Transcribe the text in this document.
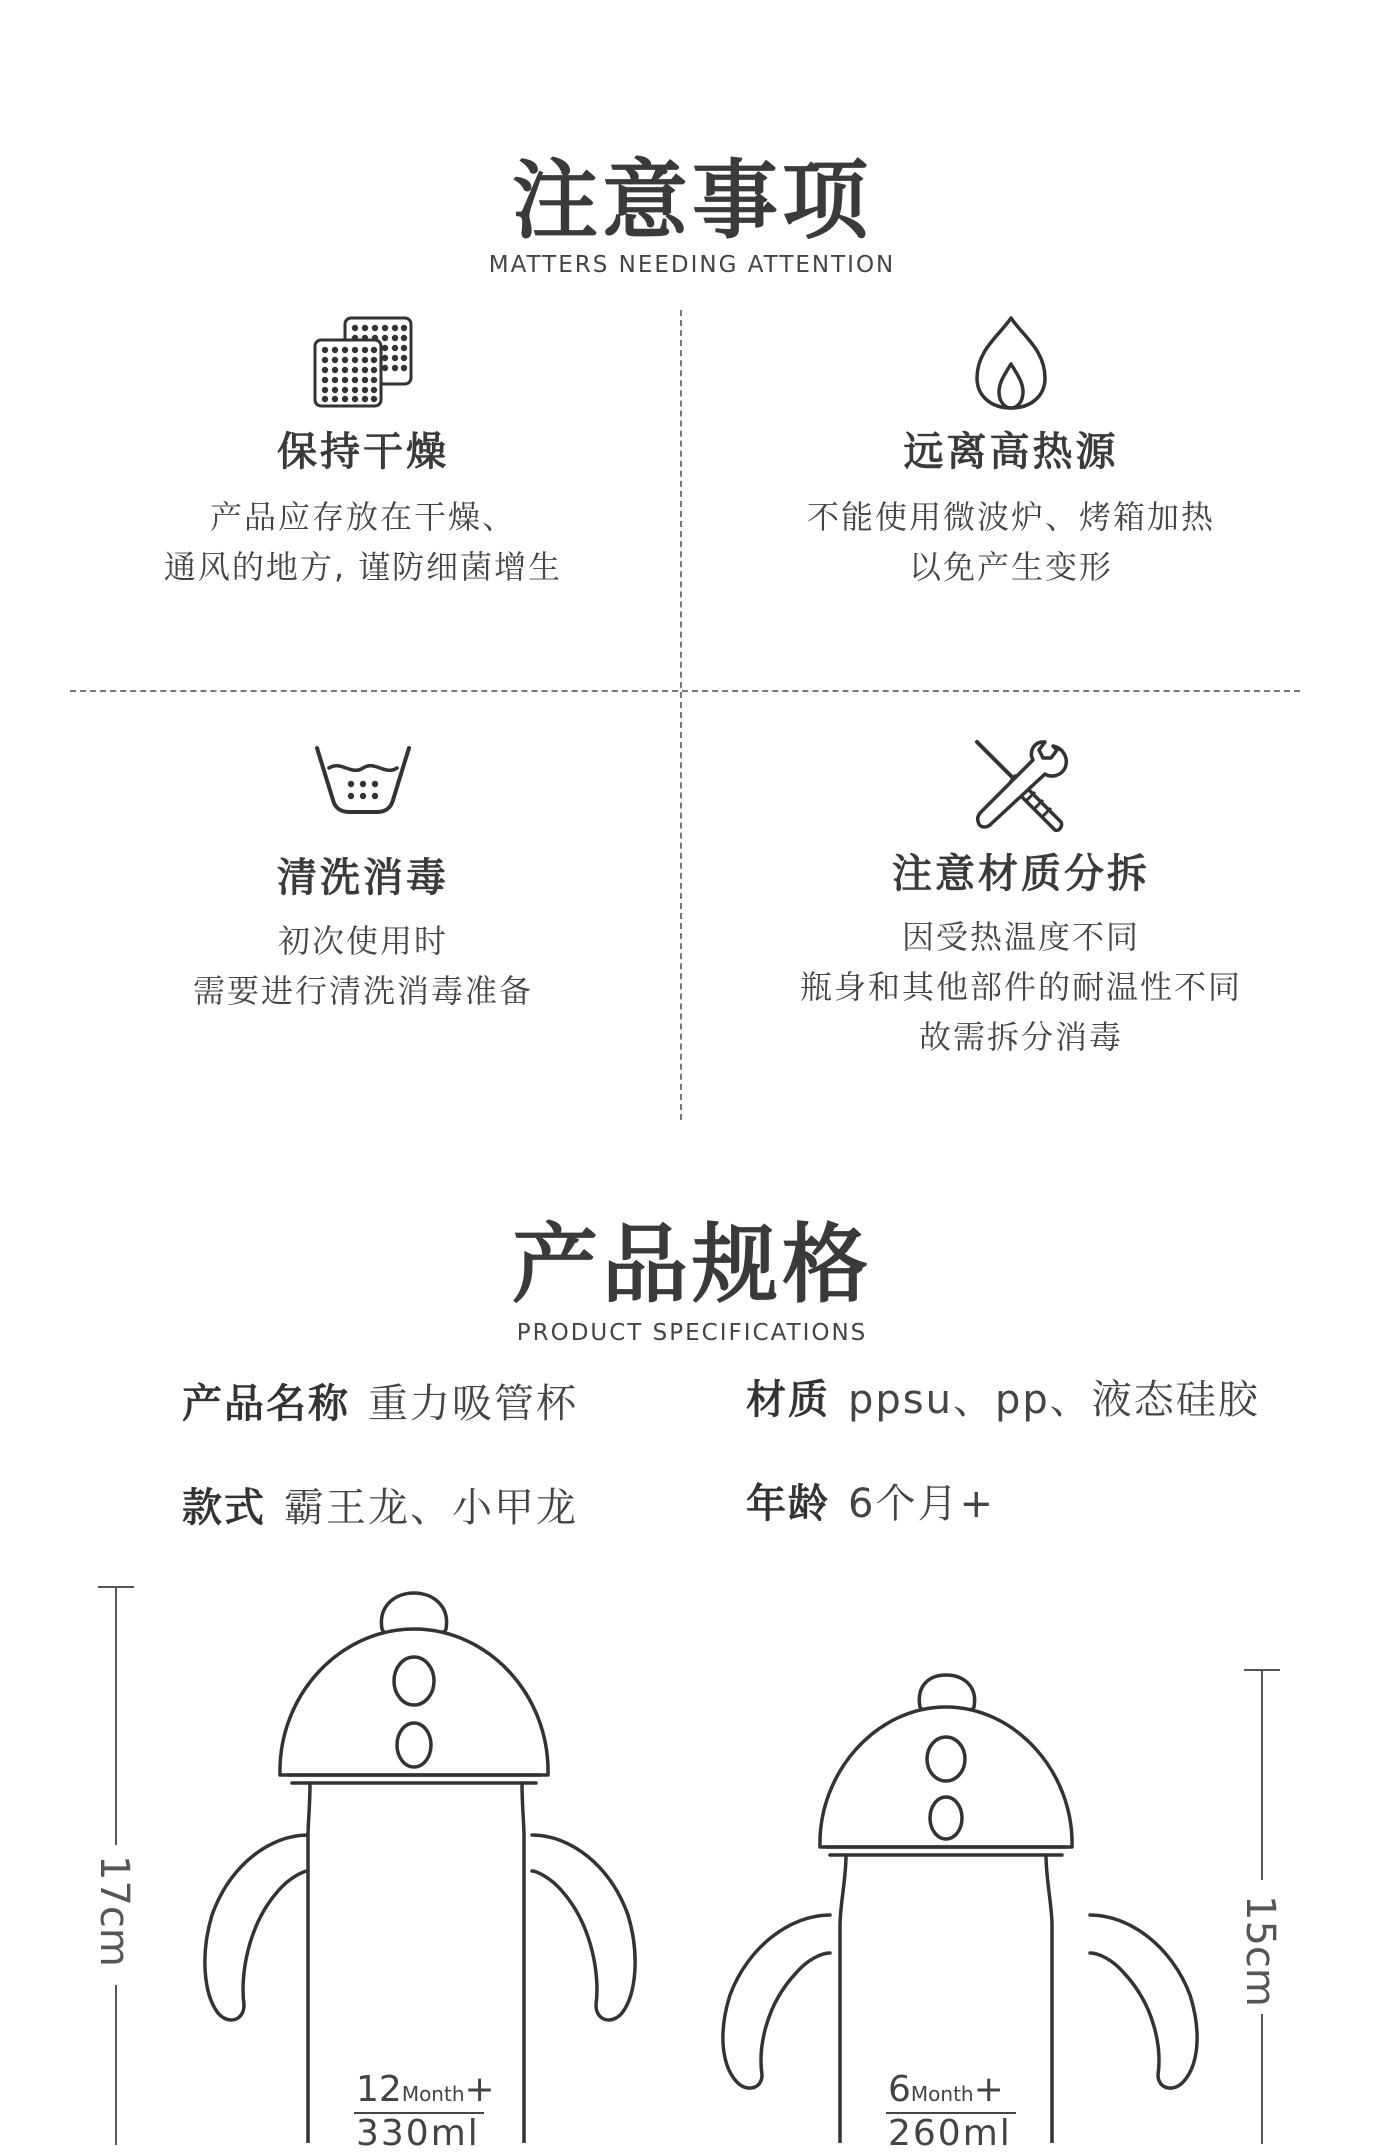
注意事项
MATTERS NEEDING ATTENTION

保持干燥

产品应存放在干燥、

通风的地方, 谨防细菌增生

远离高热源

不能使用微波炉、烤箱加热

以免产生变形

清洗消毒

初次使用时

需要进行清洗消毒准备

注意材质分拆

因受热温度不同

瓶身和其他部件的耐温性不同

故需拆分消毒

产品规格
PRODUCT SPECIFICATIONS
产品名称 重力吸管杯	材质 ppsu、pp、液态硅胶
款式 霸王龙、小甲龙	年龄 6个月+
17cm	15cm
12Month+
330ml
6Month+
260ml
